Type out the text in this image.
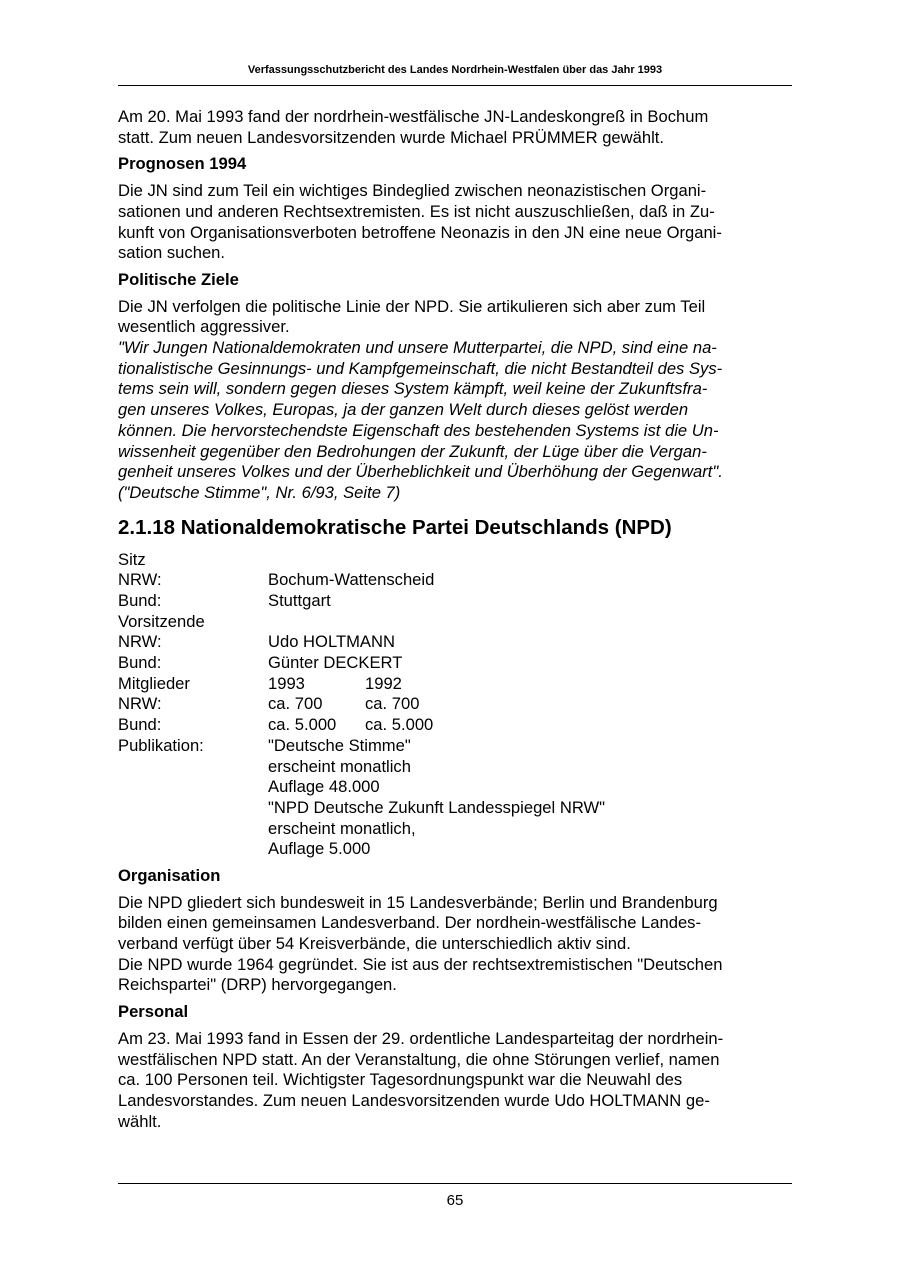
Verfassungsschutzbericht des Landes Nordrhein-Westfalen über das Jahr 1993

Am 20. Mai 1993 fand der nordrhein-westfälische JN-Landeskongreß in Bochum
statt. Zum neuen Landesvorsitzenden wurde Michael PRÜMMER gewählt.

Prognosen 1994

Die JN sind zum Teil ein wichtiges Bindeglied zwischen neonazistischen Organi-
sationen und anderen Rechtsextremisten. Es ist nicht auszuschließen, daß in Zu-
kunft von Organisationsverboten betroffene Neonazis in den JN eine neue Organi-
sation suchen.

Politische Ziele

Die JN verfolgen die politische Linie der NPD. Sie artikulieren sich aber zum Teil
wesentlich aggressiver.

"Wir Jungen Nationaldemokraten und unsere Mutterpartei, die NPD, sind eine na-
tionalistische Gesinnungs- und Kampfgemeinschaft, die nicht Bestandteil des Sys-
tems sein will, sondern gegen dieses System kämpft, weil keine der Zukunftsfra-
gen unseres Volkes, Europas, ja der ganzen Welt durch dieses gelöst werden
können. Die hervorstechendste Eigenschaft des bestehenden Systems ist die Un-
wissenheit gegenüber den Bedrohungen der Zukunft, der Lüge über die Vergan-
genheit unseres Volkes und der Überheblichkeit und Überhöhung der Gegenwart".
("Deutsche Stimme", Nr. 6/93, Seite 7)

2.1.18 Nationaldemokratische Partei Deutschlands (NPD)
Sitz
NRW:	Bochum-Wattenscheid
Bund:	Stuttgart
Vorsitzende
NRW:	Udo HOLTMANN
Bund:	Günter DECKERT
Mitglieder	1993	1992
NRW:	ca. 700	ca. 700
Bund:	ca. 5.000	ca. 5.000
Publikation:	"Deutsche Stimme"
erscheint monatlich
Auflage 48.000
"NPD Deutsche Zukunft Landesspiegel NRW"
erscheint monatlich,
Auflage 5.000
Organisation

Die NPD gliedert sich bundesweit in 15 Landesverbände; Berlin und Brandenburg
bilden einen gemeinsamen Landesverband. Der nordhein-westfälische Landes-
verband verfügt über 54 Kreisverbände, die unterschiedlich aktiv sind.
Die NPD wurde 1964 gegründet. Sie ist aus der rechtsextremistischen "Deutschen
Reichspartei" (DRP) hervorgegangen.

Personal

Am 23. Mai 1993 fand in Essen der 29. ordentliche Landesparteitag der nordrhein-
westfälischen NPD statt. An der Veranstaltung, die ohne Störungen verlief, namen
ca. 100 Personen teil. Wichtigster Tagesordnungspunkt war die Neuwahl des
Landesvorstandes. Zum neuen Landesvorsitzenden wurde Udo HOLTMANN ge-
wählt.

65
